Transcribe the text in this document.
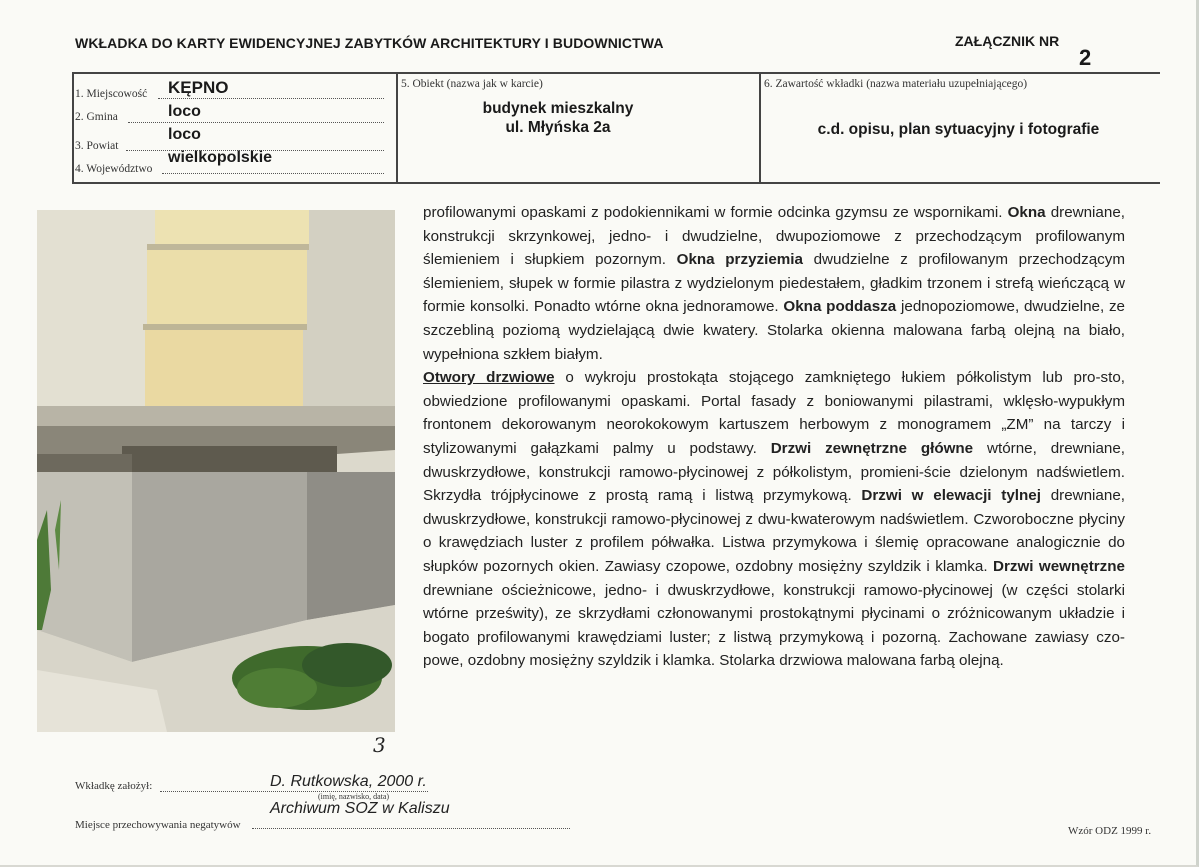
WKŁADKA DO KARTY EWIDENCYJNEJ ZABYTKÓW ARCHITEKTURY I BUDOWNICTWA	ZAŁĄCZNIK NR
2
1. Miejscowość KĘPNO
2. Gmina	loco
3. Powiat
loco
4. Województwo
wielkopolskie
5. Obiekt (nazwa jak w karcie)
budynek mieszkalny
ul. Młyńska 2a
6. Zawartość wkładki (nazwa materiału uzupełniającego)
c.d. opisu, plan sytuacyjny i fotografie
3

profilowanymi opaskami z podokiennikami w formie odcinka gzymsu ze wspornikami. Okna drewniane, konstrukcji skrzynkowej, jedno- i dwudzielne, dwupoziomowe z przechodzącym profilowanym ślemieniem i słupkiem pozornym. Okna przyziemia dwudzielne z profilowanym przechodzącym ślemieniem, słupek w formie pilastra z wydzielonym piedestałem, gładkim trzonem i strefą wieńczącą w formie konsolki. Ponadto wtórne okna jednoramowe. Okna poddasza jednopoziomowe, dwudzielne, ze szczebliną poziomą wydzielającą dwie kwatery. Stolarka okienna malowana farbą olejną na biało, wypełniona szkłem białym.

Otwory drzwiowe o wykroju prostokąta stojącego zamkniętego łukiem półkolistym lub pro-sto, obwiedzione profilowanymi opaskami. Portal fasady z boniowanymi pilastrami, wklęsło-wypukłym frontonem dekorowanym neorokokowym kartuszem herbowym z monogramem „ZM” na tarczy i stylizowanymi gałązkami palmy u podstawy. Drzwi zewnętrzne główne wtórne, drewniane, dwuskrzydłowe, konstrukcji ramowo-płycinowej z półkolistym, promieni-ście dzielonym nadświetlem. Skrzydła trójpłycinowe z prostą ramą i listwą przymykową. Drzwi w elewacji tylnej drewniane, dwuskrzydłowe, konstrukcji ramowo-płycinowej z dwu-kwaterowym nadświetlem. Czworoboczne płyciny o krawędziach luster z profilem półwałka. Listwa przymykowa i ślemię opracowane analogicznie do słupków pozornych okien. Zawiasy czopowe, ozdobny mosiężny szyldzik i klamka. Drzwi wewnętrzne drewniane ościeżnicowe, jedno- i dwuskrzydłowe, konstrukcji ramowo-płycinowej (w części stolarki wtórne prześwity), ze skrzydłami członowanymi prostokątnymi płycinami o zróżnicowanym układzie i bogato profilowanymi krawędziami luster; z listwą przymykową i pozorną. Zachowane zawiasy czo-powe, ozdobny mosiężny szyldzik i klamka. Stolarka drzwiowa malowana farbą olejną.

Wkładkę założył:	D. Rutkowska, 2000 r.
(imię, nazwisko, data)
Miejsce przechowywania negatywów
Archiwum SOZ w Kaliszu
Wzór ODZ 1999 r.
